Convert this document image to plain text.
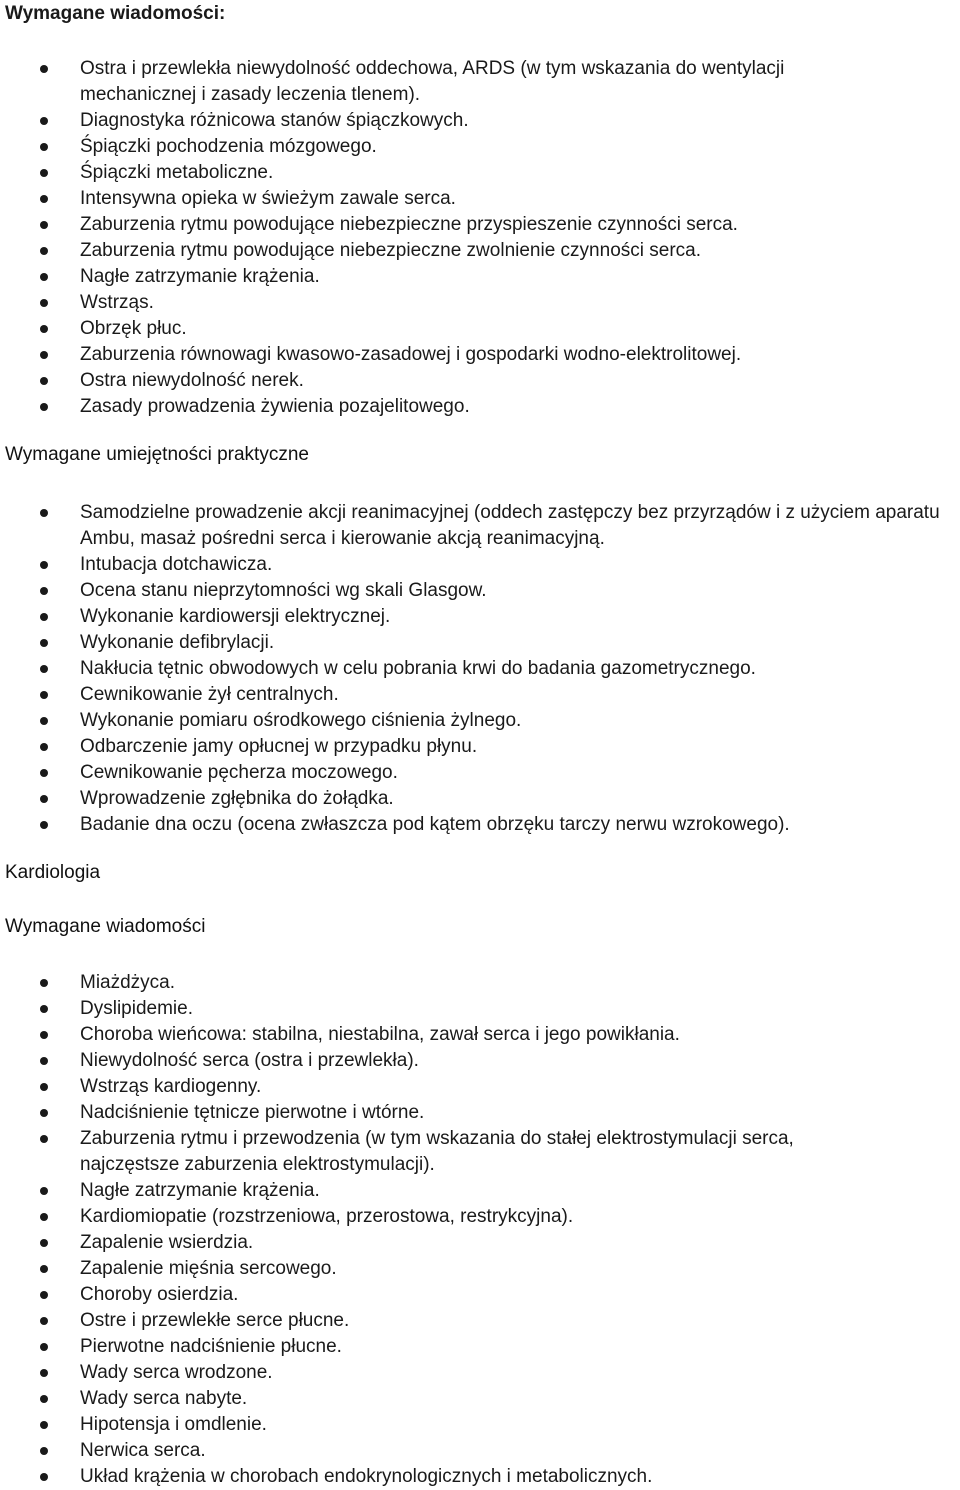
Wymagane wiadomości:
Ostra i przewlekła niewydolność oddechowa, ARDS (w tym wskazania do wentylacji mechanicznej i zasady leczenia tlenem).
Diagnostyka różnicowa stanów śpiączkowych.
Śpiączki pochodzenia mózgowego.
Śpiączki metaboliczne.
Intensywna opieka w świeżym zawale serca.
Zaburzenia rytmu powodujące niebezpieczne przyspieszenie czynności serca.
Zaburzenia rytmu powodujące niebezpieczne zwolnienie czynności serca.
Nagłe zatrzymanie krążenia.
Wstrząs.
Obrzęk płuc.
Zaburzenia równowagi kwasowo-zasadowej i gospodarki wodno-elektrolitowej.
Ostra niewydolność nerek.
Zasady prowadzenia żywienia pozajelitowego.
Wymagane umiejętności praktyczne
Samodzielne prowadzenie akcji reanimacyjnej (oddech zastępczy bez przyrządów i z użyciem aparatu Ambu, masaż pośredni serca i kierowanie akcją reanimacyjną.
Intubacja dotchawicza.
Ocena stanu nieprzytomności wg skali Glasgow.
Wykonanie kardiowersji elektrycznej.
Wykonanie defibrylacji.
Nakłucia tętnic obwodowych w celu pobrania krwi do badania gazometrycznego.
Cewnikowanie żył centralnych.
Wykonanie pomiaru ośrodkowego ciśnienia żylnego.
Odbarczenie jamy opłucnej w przypadku płynu.
Cewnikowanie pęcherza moczowego.
Wprowadzenie zgłębnika do żołądka.
Badanie dna oczu (ocena zwłaszcza pod kątem obrzęku tarczy nerwu wzrokowego).
Kardiologia
Wymagane wiadomości
Miażdżyca.
Dyslipidemie.
Choroba wieńcowa: stabilna, niestabilna, zawał serca i jego powikłania.
Niewydolność serca (ostra i przewlekła).
Wstrząs kardiogenny.
Nadciśnienie tętnicze pierwotne i wtórne.
Zaburzenia rytmu i przewodzenia (w tym wskazania do stałej elektrostymulacji serca, najczęstsze zaburzenia elektrostymulacji).
Nagłe zatrzymanie krążenia.
Kardiomiopatie (rozstrzeniowa, przerostowa, restrykcyjna).
Zapalenie wsierdzia.
Zapalenie mięśnia sercowego.
Choroby osierdzia.
Ostre i przewlekłe serce płucne.
Pierwotne nadciśnienie płucne.
Wady serca wrodzone.
Wady serca nabyte.
Hipotensja i omdlenie.
Nerwica serca.
Układ krążenia w chorobach endokrynologicznych i metabolicznych.
